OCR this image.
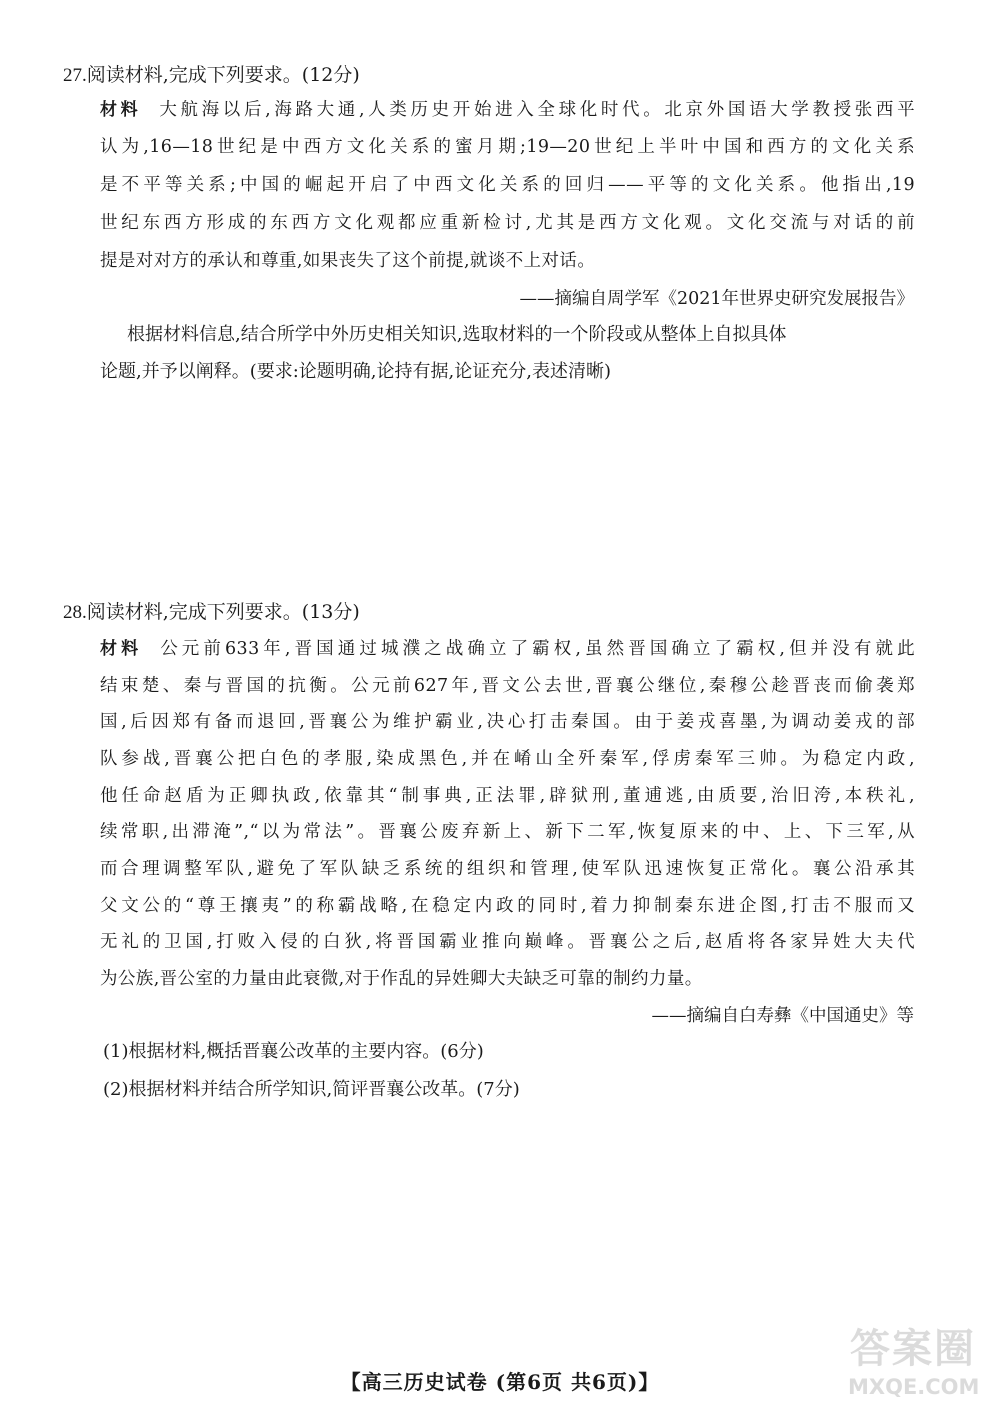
27.阅读材料,完成下列要求。(12分)
材料 大航海以后,海路大通,人类历史开始进入全球化时代。北京外国语大学教授张西平
认为,16—18世纪是中西方文化关系的蜜月期;19—20世纪上半叶中国和西方的文化关系
是不平等关系;中国的崛起开启了中西文化关系的回归——平等的文化关系。他指出,19
世纪东西方形成的东西方文化观都应重新检讨,尤其是西方文化观。文化交流与对话的前
提是对对方的承认和尊重,如果丧失了这个前提,就谈不上对话。
——摘编自周学军《2021年世界史研究发展报告》
根据材料信息,结合所学中外历史相关知识,选取材料的一个阶段或从整体上自拟具体
论题,并予以阐释。(要求:论题明确,论持有据,论证充分,表述清晰)
28.阅读材料,完成下列要求。(13分)
材料 公元前633年,晋国通过城濮之战确立了霸权,虽然晋国确立了霸权,但并没有就此
结束楚、秦与晋国的抗衡。公元前627年,晋文公去世,晋襄公继位,秦穆公趁晋丧而偷袭郑
国,后因郑有备而退回,晋襄公为维护霸业,决心打击秦国。由于姜戎喜墨,为调动姜戎的部
队参战,晋襄公把白色的孝服,染成黑色,并在崤山全歼秦军,俘虏秦军三帅。为稳定内政,
他任命赵盾为正卿执政,依靠其“制事典,正法罪,辟狱刑,董逋逃,由质要,治旧洿,本秩礼,
续常职,出滞淹”,“以为常法”。晋襄公废弃新上、新下二军,恢复原来的中、上、下三军,从
而合理调整军队,避免了军队缺乏系统的组织和管理,使军队迅速恢复正常化。襄公沿承其
父文公的“尊王攘夷”的称霸战略,在稳定内政的同时,着力抑制秦东进企图,打击不服而又
无礼的卫国,打败入侵的白狄,将晋国霸业推向巅峰。晋襄公之后,赵盾将各家异姓大夫代
为公族,晋公室的力量由此衰微,对于作乱的异姓卿大夫缺乏可靠的制约力量。
——摘编自白寿彝《中国通史》等
(1)根据材料,概括晋襄公改革的主要内容。(6分)
(2)根据材料并结合所学知识,简评晋襄公改革。(7分)
【高三历史试卷 (第6页 共6页)】
答案圈
MXQE.COM
